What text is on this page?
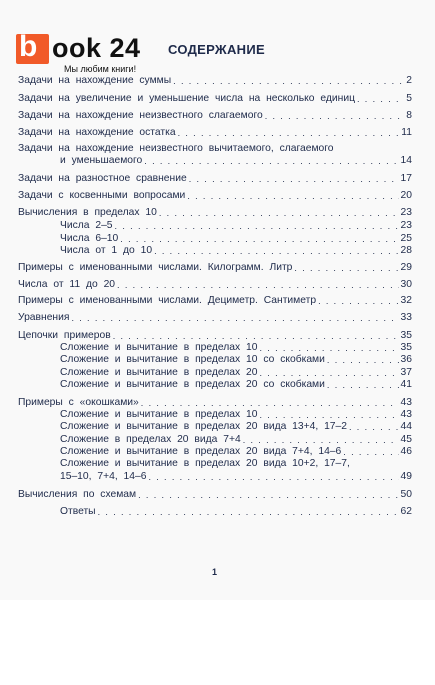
b ook 24
Мы любим книги!
СОДЕРЖАНИЕ
Задачи на нахождение суммы . . .	2
Задачи на увеличение и уменьшение числа на несколько единиц . . .	5
Задачи на нахождение неизвестного слагаемого . . .	8
Задачи на нахождение остатка . . .	11
Задачи на нахождение неизвестного вычитаемого, слагаемого
и уменьшаемого . . .	14
Задачи на разностное сравнение . . .	17
Задачи с косвенными вопросами . . .	20
Вычисления в пределах 10 . . .	23
Числа 2–5 . . .	23
Числа 6–10 . . .	25
Числа от 1 до 10 . . .	28
Примеры с именованными числами. Килограмм. Литр . . .	29
Числа от 11 до 20 . . .	30
Примеры с именованными числами. Дециметр. Сантиметр . . .	32
Уравнения . . .	33
Цепочки примеров . . .	35
Сложение и вычитание в пределах 10 . . .	35
Сложение и вычитание в пределах 10 со скобками . . .	36
Сложение и вычитание в пределах 20 . . .	37
Сложение и вычитание в пределах 20 со скобками . . .	41
Примеры с «окошками» . . .	43
Сложение и вычитание в пределах 10 . . .	43
Сложение и вычитание в пределах 20 вида 13+4, 17–2 . . .	44
Сложение в пределах 20 вида 7+4 . . .	45
Сложение и вычитание в пределах 20 вида 7+4, 14–6 . . .	46
Сложение и вычитание в пределах 20 вида 10+2, 17–7,
15–10, 7+4, 14–6 . . .	49
Вычисления по схемам . . .	50
Ответы . . .	62
1
